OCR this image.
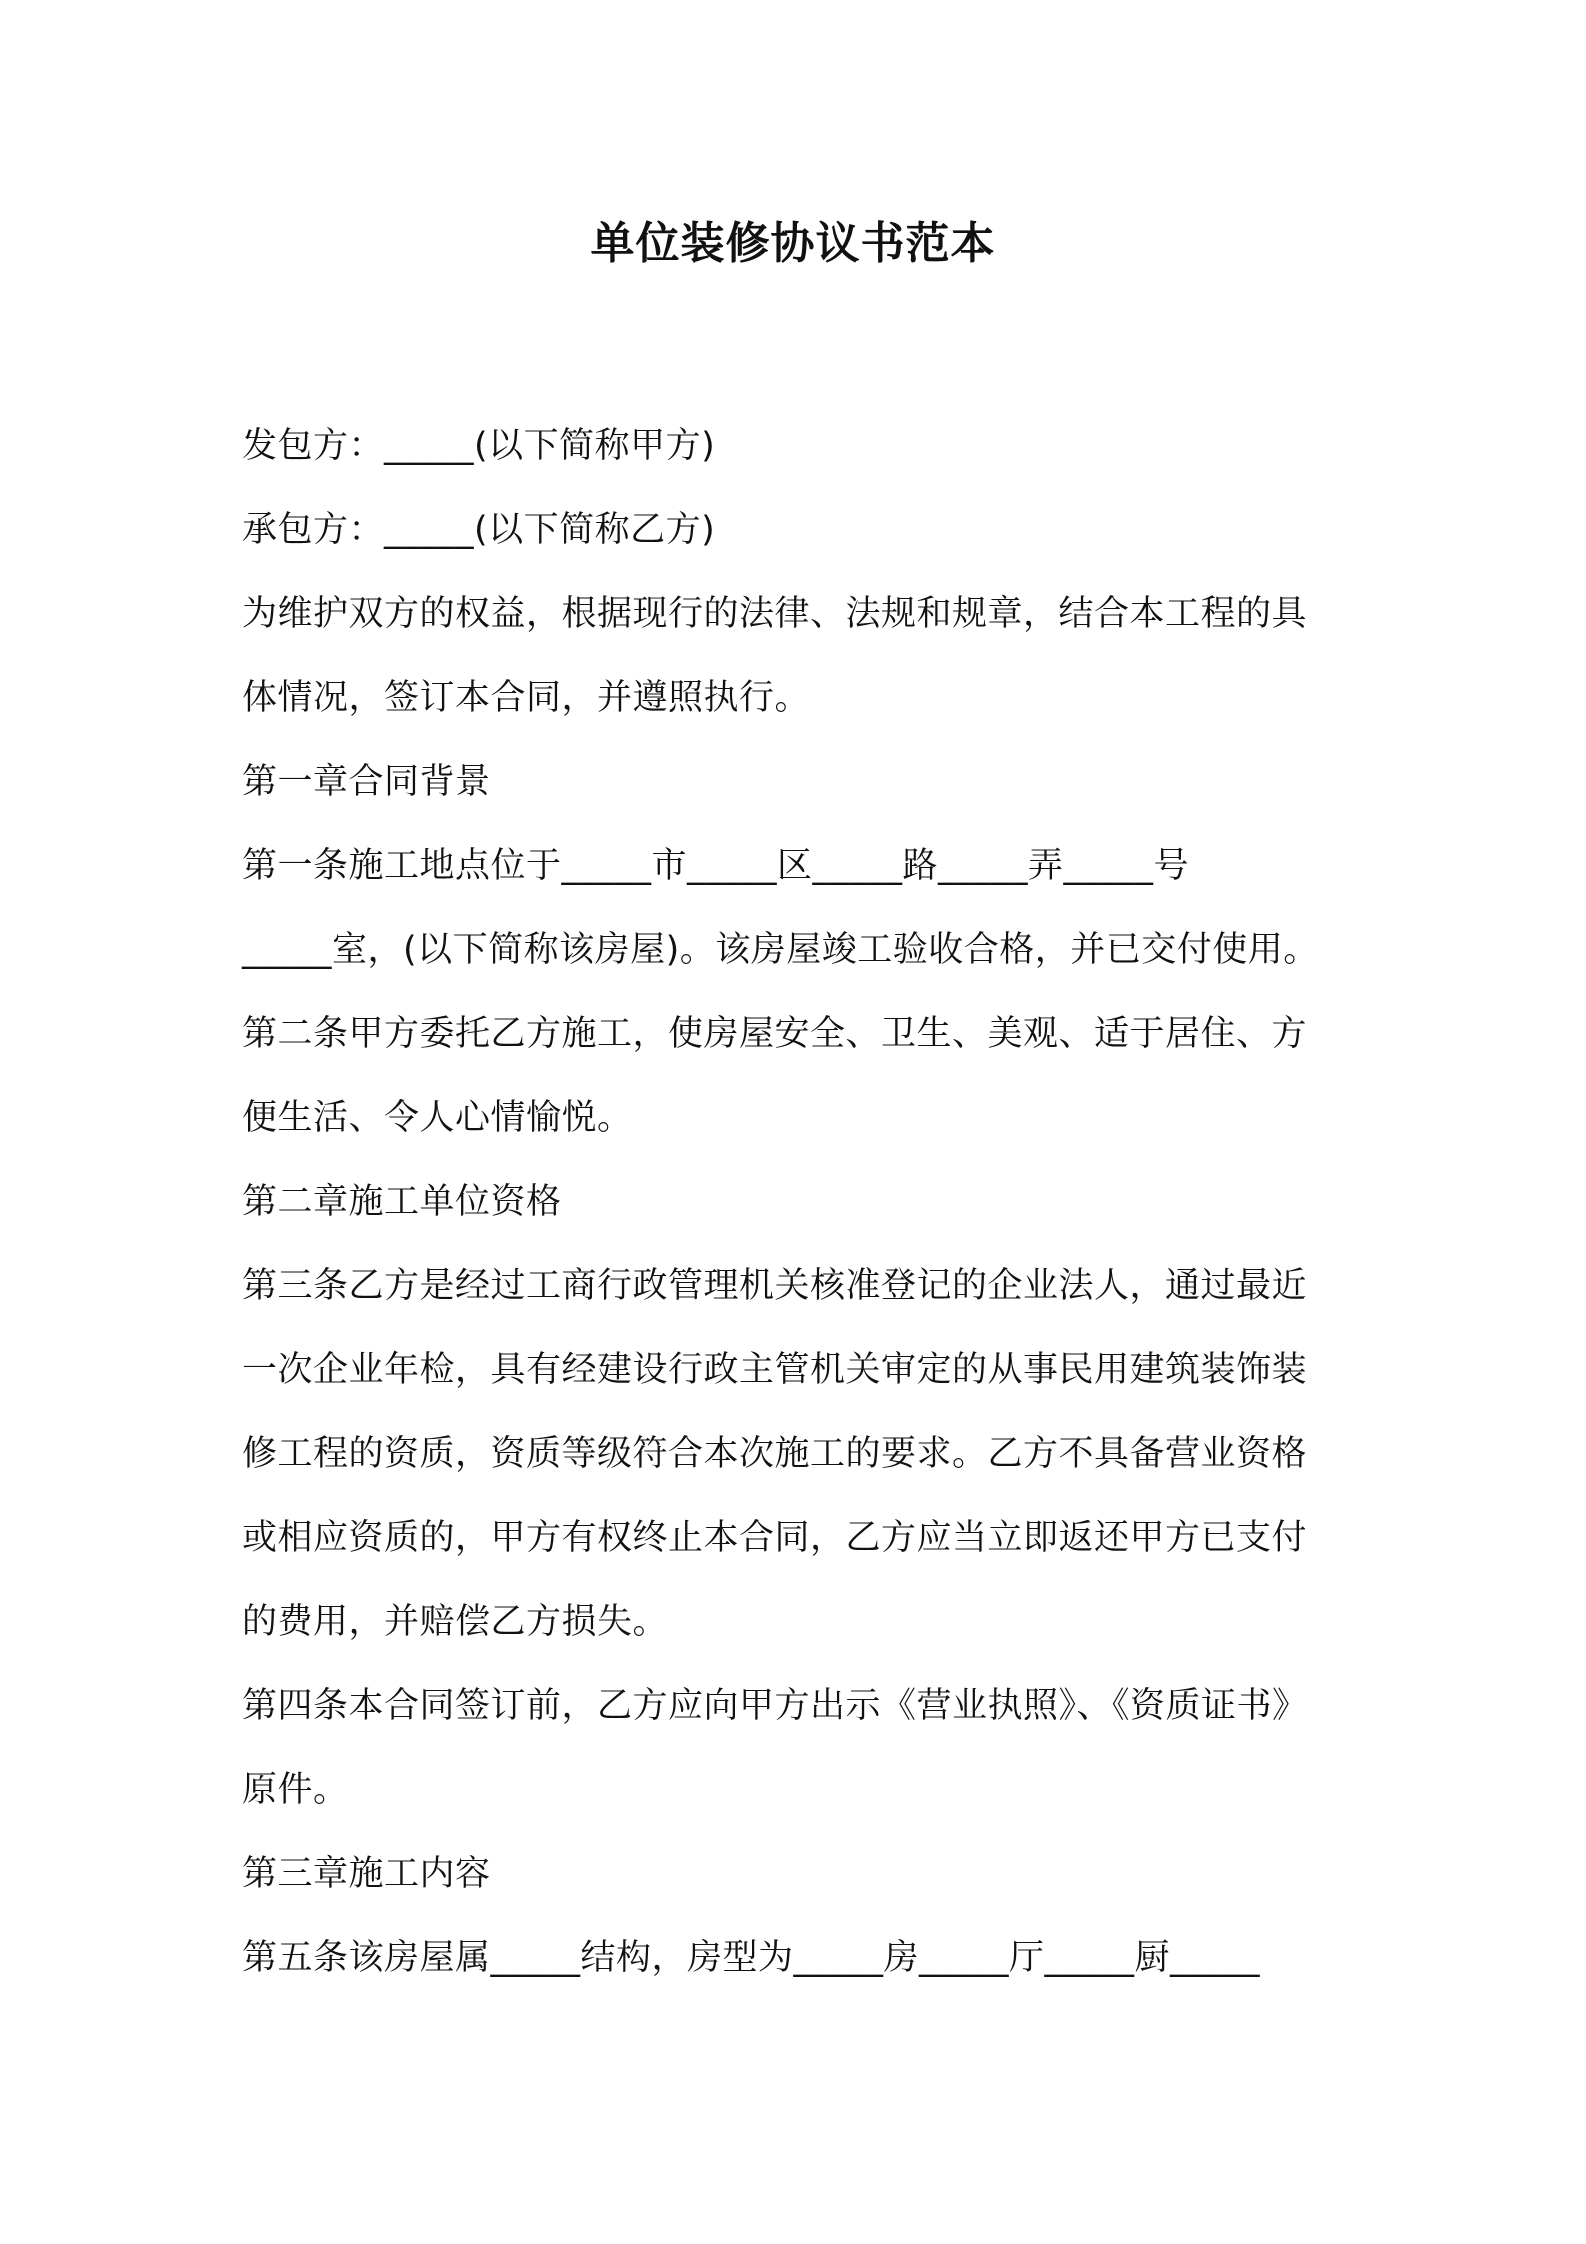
单位装修协议书范本
发包方：_____(以下简称甲方)
承包方：_____(以下简称乙方)
为维护双方的权益，根据现行的法律、法规和规章，结合本工程的具
体情况，签订本合同，并遵照执行。
第一章合同背景
第一条施工地点位于_____市_____区_____路_____弄_____号
_____室，(以下简称该房屋)。该房屋竣工验收合格，并已交付使用。
第二条甲方委托乙方施工，使房屋安全、卫生、美观、适于居住、方
便生活、令人心情愉悦。
第二章施工单位资格
第三条乙方是经过工商行政管理机关核准登记的企业法人，通过最近
一次企业年检，具有经建设行政主管机关审定的从事民用建筑装饰装
修工程的资质，资质等级符合本次施工的要求。乙方不具备营业资格
或相应资质的，甲方有权终止本合同，乙方应当立即返还甲方已支付
的费用，并赔偿乙方损失。
第四条本合同签订前，乙方应向甲方出示《营业执照》、《资质证书》
原件。
第三章施工内容
第五条该房屋属_____结构，房型为_____房_____厅_____厨_____
